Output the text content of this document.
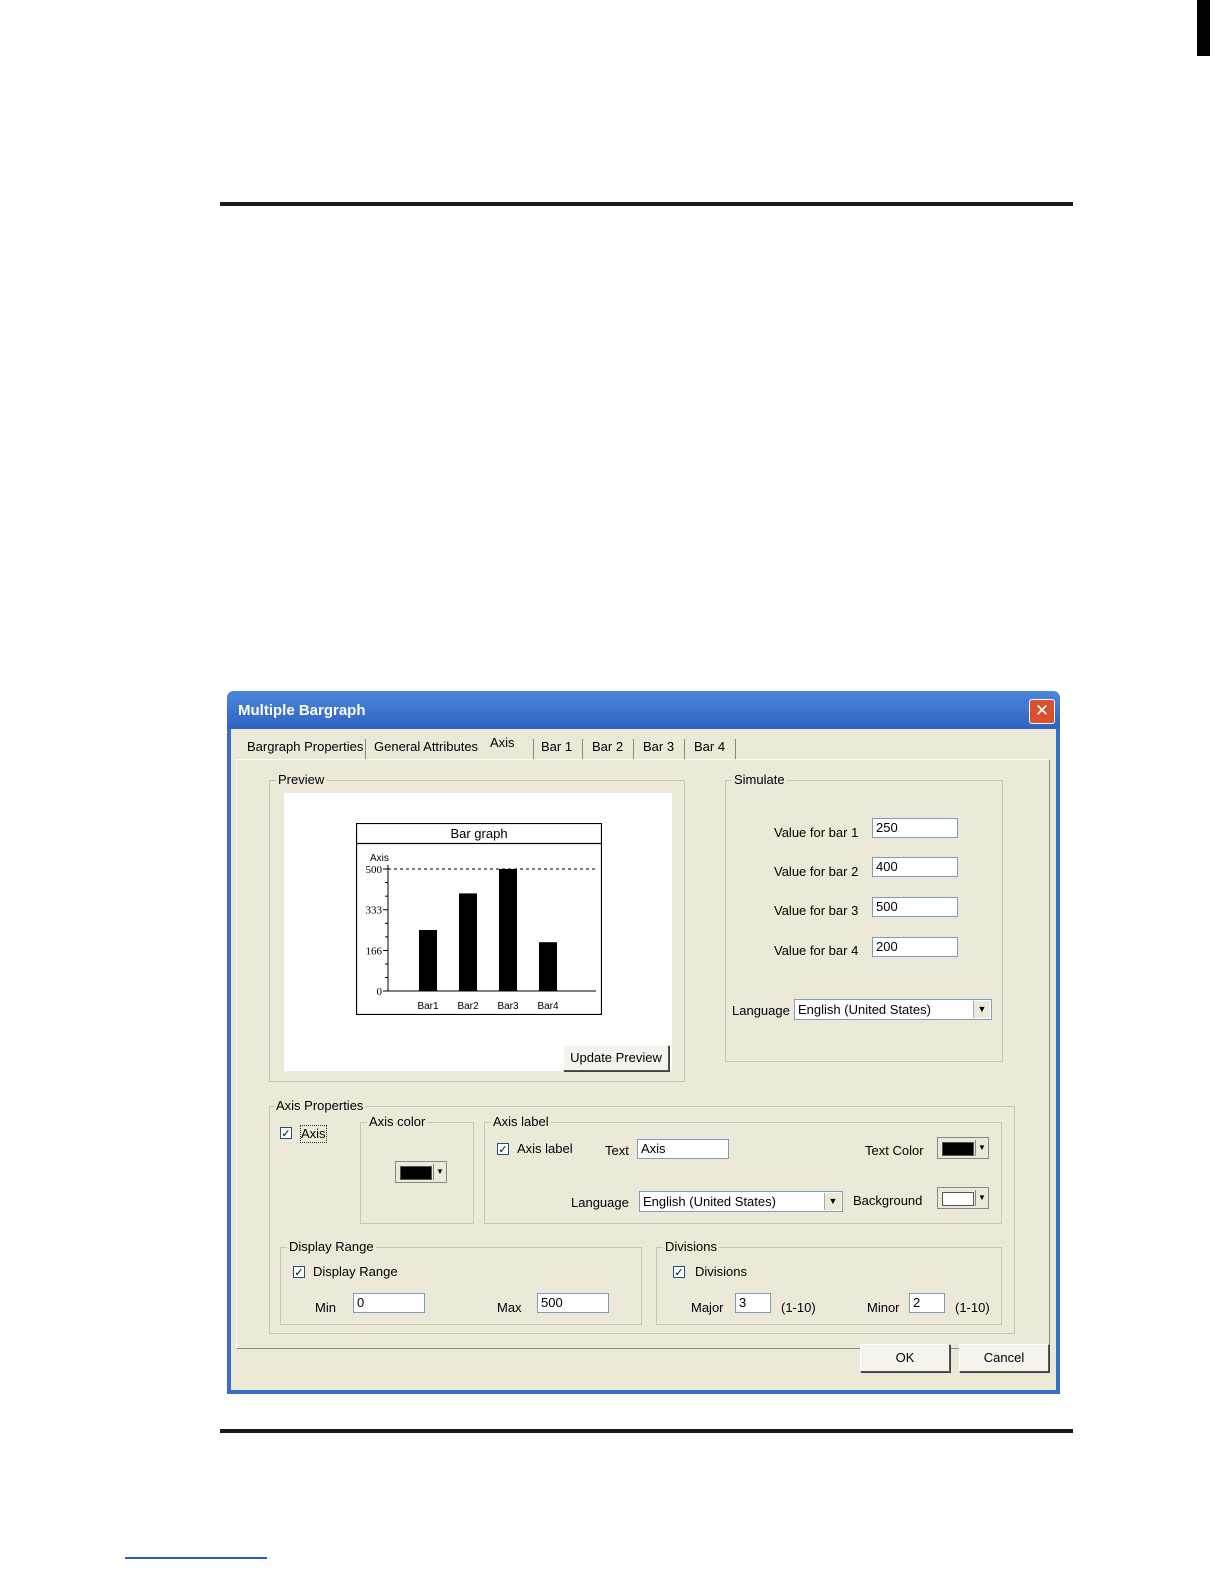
Multiple Bargraph	✕
Bargraph Properties General Attributes Axis	Bar 1	Bar 2	Bar 3	Bar 4
Preview
Bar graph
Axis
0
166
333
500
Bar1 Bar2 Bar3 Bar4
Update Preview
Simulate
Value for bar 1
250
Value for bar 2
400
Value for bar 3
500
Value for bar 4
200
Language English (United States)	▼
Axis Properties
✓ Axis
Axis color
▼
Axis label
✓ Axis label Text
Axis	Text Color	▼
Language	English (United States)	▼ Background	▼
Display Range
✓ Display Range
Min
0	Max
500
Divisions
✓ Divisions
Major
3	(1-10)	Minor
2	(1-10)
OK	Cancel
